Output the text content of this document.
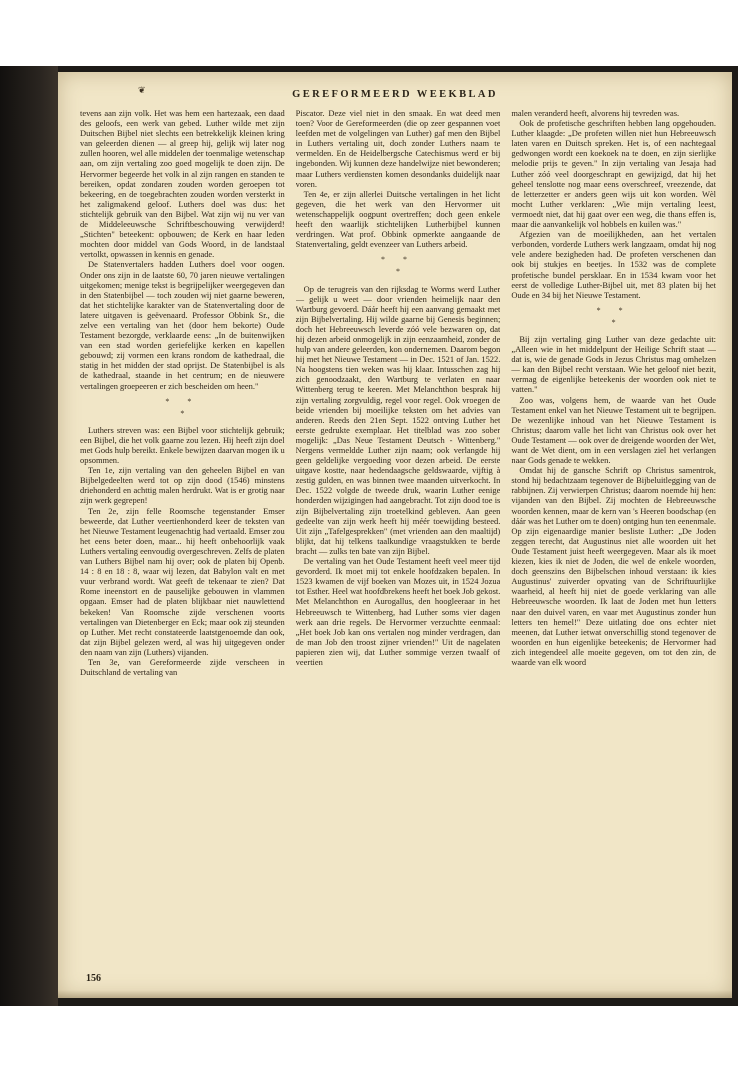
❦	GEREFORMEERD WEEKBLAD

tevens aan zijn volk. Het was hem een hartezaak, een daad des geloofs, een werk van gebed. Luther wilde met zijn Duitschen Bijbel niet slechts een betrekkelijk kleinen kring van geleerden dienen — al greep hij, gelijk wij later nog zullen hooren, wel alle middelen der toenmalige wetenschap aan, om zijn vertaling zoo goed mogelijk te doen zijn. De Hervormer begeerde het volk in al zijn rangen en standen te bereiken, opdat zondaren zouden worden geroepen tot bekeering, en de toegebrachten zouden worden versterkt in het zaligmakend geloof. Luthers doel was dus: het stichtelijk gebruik van den Bijbel. Wat zijn wij nu ver van de Middeleeuwsche Schriftbeschouwing verwijderd! „Stichten" beteekent: opbouwen; de Kerk en haar leden mochten door middel van Gods Woord, in de landstaal vertolkt, opwassen in kennis en genade.

De Statenvertalers hadden Luthers doel voor oogen. Onder ons zijn in de laatste 60, 70 jaren nieuwe vertalingen uitgekomen; menige tekst is begrijpelijker weergegeven dan in den Statenbijbel — toch zouden wij niet gaarne beweren, dat het stichtelijke karakter van de Statenvertaling door de latere uitgaven is geëvenaard. Professor Obbink Sr., die zelve een vertaling van het (door hem bekorte) Oude Testament bezorgde, verklaarde eens: „In de buitenwijken van een stad worden geriefelijke kerken en kapellen gebouwd; zij vormen een krans rondom de kathedraal, die statig in het midden der stad oprijst. De Statenbijbel is als de kathedraal, staande in het centrum; en de nieuwere vertalingen groepeeren er zich bescheiden om heen."

* *
*

Luthers streven was: een Bijbel voor stichtelijk gebruik; een Bijbel, die het volk gaarne zou lezen. Hij heeft zijn doel met Gods hulp bereikt. Enkele bewijzen daarvan mogen ik u opsommen.

Ten 1e, zijn vertaling van den geheelen Bijbel en van Bijbelgedeelten werd tot op zijn dood (1546) minstens driehonderd en achttig malen herdrukt. Wat is er grotig naar zijn werk gegrepen!

Ten 2e, zijn felle Roomsche tegenstander Emser beweerde, dat Luther veertienhonderd keer de teksten van het Nieuwe Testament leugenachtig had vertaald. Emser zou het eens beter doen, maar... hij heeft onbehoorlijk vaak Luthers vertaling eenvoudig overgeschreven. Zelfs de platen van Luthers Bijbel nam hij over; ook de platen bij Openb. 14 : 8 en 18 : 8, waar wij lezen, dat Babylon valt en met vuur verbrand wordt. Wat geeft de tekenaar te zien? Dat Rome ineenstort en de pauselijke gebouwen in vlammen opgaan. Emser had de platen blijkbaar niet nauwlettend bekeken! Van Roomsche zijde verschenen voorts vertalingen van Dietenberger en Eck; maar ook zij steunden op Luther. Met recht constateerde laatstgenoemde dan ook, dat zijn Bijbel gelezen werd, al was hij uitgegeven onder den naam van zijn (Luthers) vijanden.

Ten 3e, van Gereformeerde zijde verscheen in Duitschland de vertaling van

Piscator. Deze viel niet in den smaak. En wat deed men toen? Voor de Gereformeerden (die op zeer gespannen voet leefden met de volgelingen van Luther) gaf men den Bijbel in Luthers vertaling uit, doch zonder Luthers naam te vermelden. En de Heidelbergsche Catechismus werd er bij ingebonden. Wij kunnen deze handelwijze niet bewonderen; maar Luthers verdiensten komen desondanks duidelijk naar voren.

Ten 4e, er zijn allerlei Duitsche vertalingen in het licht gegeven, die het werk van den Hervormer uit wetenschappelijk oogpunt overtreffen; doch geen enkele heeft den waarlijk stichtelijken Lutherbijbel kunnen verdringen. Wat prof. Obbink opmerkte aangaande de Statenvertaling, geldt evenzeer van Luthers arbeid.

* *
*

Op de terugreis van den rijksdag te Worms werd Luther — gelijk u weet — door vrienden heimelijk naar den Wartburg gevoerd. Dáár heeft hij een aanvang gemaakt met zijn Bijbelvertaling. Hij wilde gaarne bij Genesis beginnen; doch het Hebreeuwsch leverde zóó vele bezwaren op, dat hij dezen arbeid onmogelijk in zijn eenzaamheid, zonder de hulp van andere geleerden, kon ondernemen. Daarom begon hij met het Nieuwe Testament — in Dec. 1521 of Jan. 1522. Na hoogstens tien weken was hij klaar. Intusschen zag hij zich genoodzaakt, den Wartburg te verlaten en naar Wittenberg terug te keeren. Met Melanchthon besprak hij zijn vertaling zorgvuldig, regel voor regel. Ook vroegen de beide vrienden bij moeilijke teksten om het advies van anderen. Reeds den 21en Sept. 1522 ontving Luther het eerste gedrukte exemplaar. Het titelblad was zoo sober mogelijk: „Das Neue Testament Deutsch - Wittenberg." Nergens vermeldde Luther zijn naam; ook verlangde hij geen geldelijke vergoeding voor dezen arbeid. De eerste uitgave kostte, naar hedendaagsche geldswaarde, vijftig à zestig gulden, en was binnen twee maanden uitverkocht. In Dec. 1522 volgde de tweede druk, waarin Luther eenige honderden wijzigingen had aangebracht. Tot zijn dood toe is zijn Bijbelvertaling zijn troetelkind gebleven. Aan geen gedeelte van zijn werk heeft hij méér toewijding besteed. Uit zijn „Tafelgesprekken" (met vrienden aan den maaltijd) blijkt, dat hij telkens taalkundige vraagstukken te berde bracht — zulks ten bate van zijn Bijbel.

De vertaling van het Oude Testament heeft veel meer tijd gevorderd. Ik moet mij tot enkele hoofdzaken bepalen. In 1523 kwamen de vijf boeken van Mozes uit, in 1524 Jozua tot Esther. Heel wat hoofdbrekens heeft het boek Job gekost. Met Melanchthon en Aurogallus, den hoogleeraar in het Hebreeuwsch te Wittenberg, had Luther soms vier dagen werk aan drie regels. De Hervormer verzuchtte eenmaal: „Het boek Job kan ons vertalen nog minder verdragen, dan de man Job den troost zijner vrienden!" Uit de nagelaten papieren zien wij, dat Luther sommige verzen twaalf of veertien

malen veranderd heeft, alvorens hij tevreden was.

Ook de profetische geschriften hebben lang opgehouden. Luther klaagde: „De profeten willen niet hun Hebreeuwsch laten varen en Duitsch spreken. Het is, of een nachtegaal gedwongen wordt een koekoek na te doen, en zijn sierlijke melodie prijs te geven." In zijn vertaling van Jesaja had Luther zóó veel doorgeschrapt en gewijzigd, dat hij het geheel tenslotte nog maar eens overschreef, vreezende, dat de letterzetter er anders geen wijs uit kon worden. Wèl mocht Luther verklaren: „Wie mijn vertaling leest, vermoedt niet, dat hij gaat over een weg, die thans effen is, maar die aanvankelijk vol hobbels en kuilen was."

Afgezien van de moeilijkheden, aan het vertalen verbonden, vorderde Luthers werk langzaam, omdat hij nog vele andere bezigheden had. De profeten verschenen dan ook bij stukjes en beetjes. In 1532 was de complete profetische bundel persklaar. En in 1534 kwam voor het eerst de volledige Luther-Bijbel uit, met 83 platen bij het Oude en 34 bij het Nieuwe Testament.

* *
*

Bij zijn vertaling ging Luther van deze gedachte uit: „Alleen wie in het middelpunt der Heilige Schrift staat — dat is, wie de genade Gods in Jezus Christus mag omhelzen — kan den Bijbel recht verstaan. Wie het geloof niet bezit, vermag de eigenlijke beteekenis der woorden ook niet te vatten."

Zoo was, volgens hem, de waarde van het Oude Testament enkel van het Nieuwe Testament uit te begrijpen. De wezenlijke inhoud van het Nieuwe Testament is Christus; daarom valle het licht van Christus ook over het Oude Testament — ook over de dreigende woorden der Wet, want de Wet dient, om in een verslagen ziel het verlangen naar Gods genade te wekken.

Omdat hij de gansche Schrift op Christus samentrok, stond hij bedachtzaam tegenover de Bijbeluitlegging van de rabbijnen. Zij verwierpen Christus; daarom noemde hij hen: vijanden van den Bijbel. Zij mochten de Hebreeuwsche woorden kennen, maar de kern van 's Heeren boodschap (en dáár was het Luther om te doen) ontging hun ten eenenmale. Op zijn eigenaardige manier besliste Luther: „De Joden zeggen terecht, dat Augustinus niet alle woorden uit het Oude Testament juist heeft weergegeven. Maar als ik moet kiezen, kies ik niet de Joden, die wel de enkele woorden, doch geenszins den Bijbelschen inhoud verstaan: ik kies Augustinus' zuiverder opvating van de Schriftuurlijke waarheid, al heeft hij niet de goede verklaring van alle Hebreeuwsche woorden. Ik laat de Joden met hun letters naar den duivel varen, en vaar met Augustinus zonder hun letters ten hemel!" Deze uitlating doe ons echter niet meenen, dat Luther ietwat onverschillig stond tegenover de woorden en hun eigenlijke beteekenis; de Hervormer had zich integendeel alle moeite gegeven, om tot den zin, de waarde van elk woord

156
